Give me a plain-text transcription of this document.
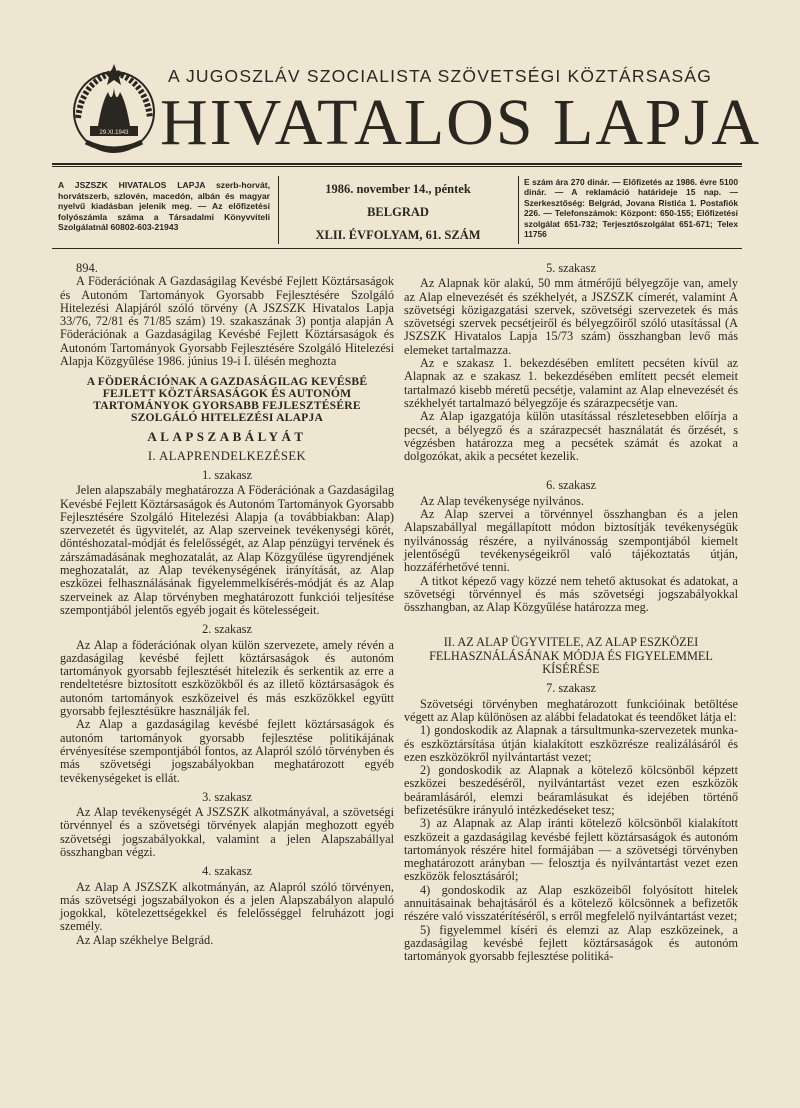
29.XI.1943
A JUGOSZLÁV SZOCIALISTA SZÖVETSÉGI KÖZTÁRSASÁG
HIVATALOS LAPJA
A JSZSZK HIVATALOS LAPJA szerb-horvát, horvátszerb, szlovén, macedón, albán és magyar nyelvű kiadásban jelenik meg. — Az előfizetési folyószámla száma a Társadalmi Könyvviteli Szolgálatnál 60802-603-21943
1986. november 14., péntek
BELGRAD
XLII. ÉVFOLYAM, 61. SZÁM
E szám ára 270 dinár. — Előfizetés az 1986. évre 5100 dinár. — A reklamáció határideje 15 nap. — Szerkesztőség: Belgrád, Jovana Ristića 1. Postafiók 226. — Telefonszámok: Központ: 650-155; Előfizetési szolgálat 651-732; Terjesztőszolgálat 651-671; Telex 11756

894.

A Föderációnak A Gazdaságilag Kevésbé Fejlett Köztársaságok és Autonóm Tartományok Gyorsabb Fejlesztésére Szolgáló Hitelezési Alapjáról szóló törvény (A JSZSZK Hivatalos Lapja 33/76, 72/81 és 71/85 szám) 19. szakaszának 3) pontja alapján A Föderációnak a Gazdaságilag Kevésbé Fejlett Köztársaságok és Autonóm Tartományok Gyorsabb Fejlesztésére Szolgáló Hitelezési Alapja Közgyűlése 1986. június 19-i I. ülésén meghozta

A FÖDERÁCIÓNAK A GAZDASÁGILAG KEVÉSBÉ FEJLETT KÖZTÁRSASÁGOK ÉS AUTONÓM TARTOMÁNYOK GYORSABB FEJLESZTÉSÉRE SZOLGÁLÓ HITELEZÉSI ALAPJA
ALAPSZABÁLYÁT
I. ALAPRENDELKEZÉSEK
1. szakasz

Jelen alapszabály meghatározza A Föderációnak a Gazdaságilag Kevésbé Fejlett Köztársaságok és Autonóm Tartományok Gyorsabb Fejlesztésére Szolgáló Hitelezési Alapja (a továbbiakban: Alap) szervezetét és ügyvitelét, az Alap szerveinek tevékenységi körét, döntéshozatal-módját és felelősségét, az Alap pénzügyi tervének és zárszámadásának meghozatalát, az Alap Közgyűlése ügyrendjének meghozatalát, az Alap tevékenységének irányítását, az Alap eszközei felhasználásának figyelemmelkísérés-módját és az Alap szerveinek az Alap törvényben meghatározott funkciói teljesítése szempontjából jelentős egyéb jogait és kötelességeit.

2. szakasz

Az Alap a föderációnak olyan külön szervezete, amely révén a gazdaságilag kevésbé fejlett köztársaságok és autonóm tartományok gyorsabb fejlesztését hitelezik és serkentik az erre a rendeltetésre biztosított eszközökből és az illető köztársaságok és autonóm tartományok eszközeivel és más eszközökkel együtt gyorsabb fejlesztésükre használják fel.

Az Alap a gazdaságilag kevésbé fejlett köztársaságok és autonóm tartományok gyorsabb fejlesztése politikájának érvényesítése szempontjából fontos, az Alapról szóló törvényben és más szövetségi jogszabályokban meghatározott egyéb tevékenységeket is ellát.

3. szakasz

Az Alap tevékenységét A JSZSZK alkotmányával, a szövetségi törvénnyel és a szövetségi törvények alapján meghozott egyéb szövetségi jogszabályokkal, valamint a jelen Alapszabállyal összhangban végzi.

4. szakasz

Az Alap A JSZSZK alkotmányán, az Alapról szóló törvényen, más szövetségi jogszabályokon és a jelen Alapszabályon alapuló jogokkal, kötelezettségekkel és felelősséggel felruházott jogi személy.

Az Alap székhelye Belgrád.

5. szakasz

Az Alapnak kör alakú, 50 mm átmérőjű bélyegzője van, amely az Alap elnevezését és székhelyét, a JSZSZK címerét, valamint A szövetségi közigazgatási szervek, szövetségi szervezetek és más szövetségi szervek pecsétjeiről és bélyegzőiről szóló utasítással (A JSZSZK Hivatalos Lapja 15/73 szám) összhangban levő más elemeket tartalmazza.

Az e szakasz 1. bekezdésében említett pecséten kívül az Alapnak az e szakasz 1. bekezdésében említett pecsét elemeit tartalmazó kisebb méretű pecsétje, valamint az Alap elnevezését és székhelyét tartalmazó bélyegzője és szárazpecsétje van.

Az Alap igazgatója külön utasítással részletesebben előírja a pecsét, a bélyegző és a szárazpecsét használatát és őrzését, s végzésben határozza meg a pecsétek számát és azokat a dolgozókat, akik a pecsétet kezelik.

6. szakasz

Az Alap tevékenysége nyilvános.

Az Alap szervei a törvénnyel összhangban és a jelen Alapszabállyal megállapított módon biztosítják tevékenységük nyilvánosság részére, a nyilvánosság szempontjából kiemelt jelentőségű tevékenységeikről való tájékoztatás útján, hozzáférhetővé tenni.

A titkot képező vagy közzé nem tehető aktusokat és adatokat, a szövetségi törvénnyel és más szövetségi jogszabályokkal összhangban, az Alap Közgyűlése határozza meg.

II. AZ ALAP ÜGYVITELE, AZ ALAP ESZKÖZEI FELHASZNÁLÁSÁNAK MÓDJA ÉS FIGYELEMMEL KÍSÉRÉSE
7. szakasz

Szövetségi törvényben meghatározott funkcióinak betöltése végett az Alap különösen az alábbi feladatokat és teendőket látja el:

1) gondoskodik az Alapnak a társultmunka-szervezetek munka- és eszköztársítása útján kialakított eszközrésze realizálásáról és ezen eszközökről nyilvántartást vezet;

2) gondoskodik az Alapnak a kötelező kölcsönből képzett eszközei beszedéséről, nyilvántartást vezet ezen eszközök beáramlásáról, elemzi beáramlásukat és idejében történő befizetésükre irányuló intézkedéseket tesz;

3) az Alapnak az Alap iránti kötelező kölcsönből kialakított eszközeit a gazdaságilag kevésbé fejlett köztársaságok és autonóm tartományok részére hitel formájában — a szövetségi törvényben meghatározott arányban — felosztja és nyilvántartást vezet ezen eszközök felosztásáról;

4) gondoskodik az Alap eszközeiből folyósított hitelek annuitásainak behajtásáról és a kötelező kölcsönnek a befizetők részére való visszatérítéséről, s erről megfelelő nyilvántartást vezet;

5) figyelemmel kíséri és elemzi az Alap eszközeinek, a gazdaságilag kevésbé fejlett köztársaságok és autonóm tartományok gyorsabb fejlesztése politiká-
